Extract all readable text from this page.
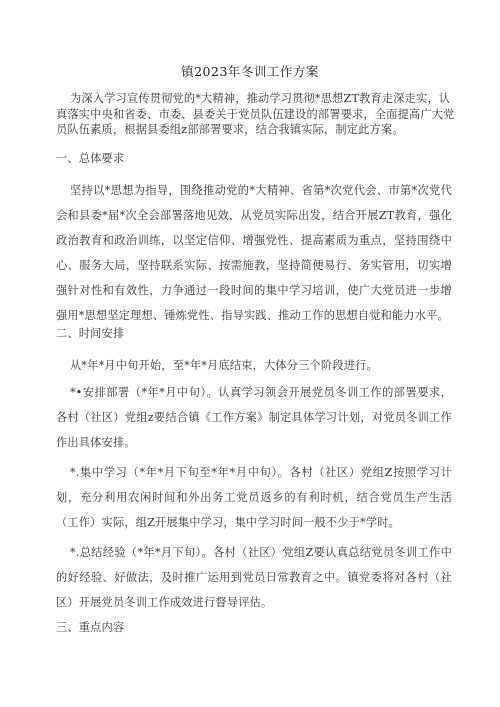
镇2023年冬训工作方案
为深入学习宣传贯彻党的*大精神，推动学习贯彻*思想ZT教育走深走实，认真落实中央和省委、市委、县委关于党员队伍建设的部署要求，全面提高广大党员队伍素质，根据县委组z部部署要求，结合我镇实际，制定此方案。
一、总体要求
坚持以*思想为指导，围绕推动党的*大精神、省第*次党代会、市第*次党代会和县委*届*次全会部署落地见效，从党员实际出发，结合开展ZT教育，强化政治教育和政治训练，以坚定信仰、增强党性、提高素质为重点，坚持围绕中心、服务大局，坚持联系实际、按需施教，坚持简便易行、务实管用，切实增强针对性和有效性，力争通过一段时间的集中学习培训，使广大党员进一步增强用*思想坚定理想、锤炼党性、指导实践、推动工作的思想自觉和能力水平。
二、时间安排
从*年*月中旬开始，至*年*月底结束，大体分三个阶段进行。
*•安排部署（*年*月中旬）。认真学习领会开展党员冬训工作的部署要求，各村（社区）党组z要结合镇《工作方案》制定具体学习计划，对党员冬训工作作出具体安排。
*.集中学习（*年*月下旬至*年*月中旬）。各村（社区）党组Z按照学习计划，充分利用农闲时间和外出务工党员返乡的有利时机，结合党员生产生活（工作）实际，组Z开展集中学习，集中学习时间一般不少于*学时。
*.总结经验（*年*月下旬）。各村（社区）党组Z要认真总结党员冬训工作中的好经验、好做法，及时推广运用到党员日常教育之中。镇党委将对各村（社区）开展党员冬训工作成效进行督导评估。
三、重点内容
